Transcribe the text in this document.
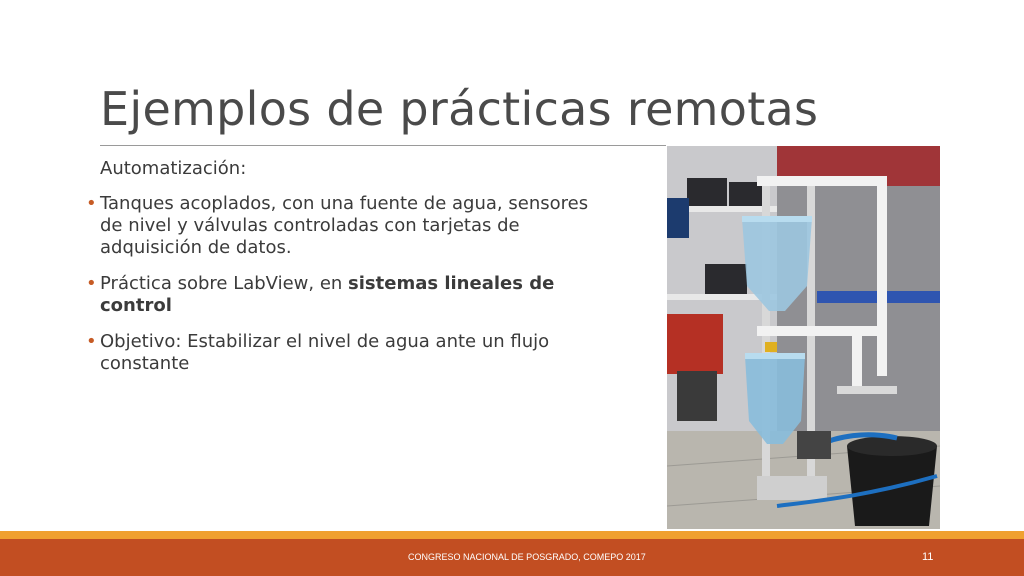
Ejemplos de prácticas remotas
Automatización:
• Tanques acoplados, con una fuente de agua, sensores de nivel y válvulas controladas con tarjetas de adquisición de datos.
• Práctica sobre LabView, en sistemas lineales de control
• Objetivo: Estabilizar el nivel de agua ante un flujo constante
CONGRESO NACIONAL DE POSGRADO, COMEPO 2017	11
